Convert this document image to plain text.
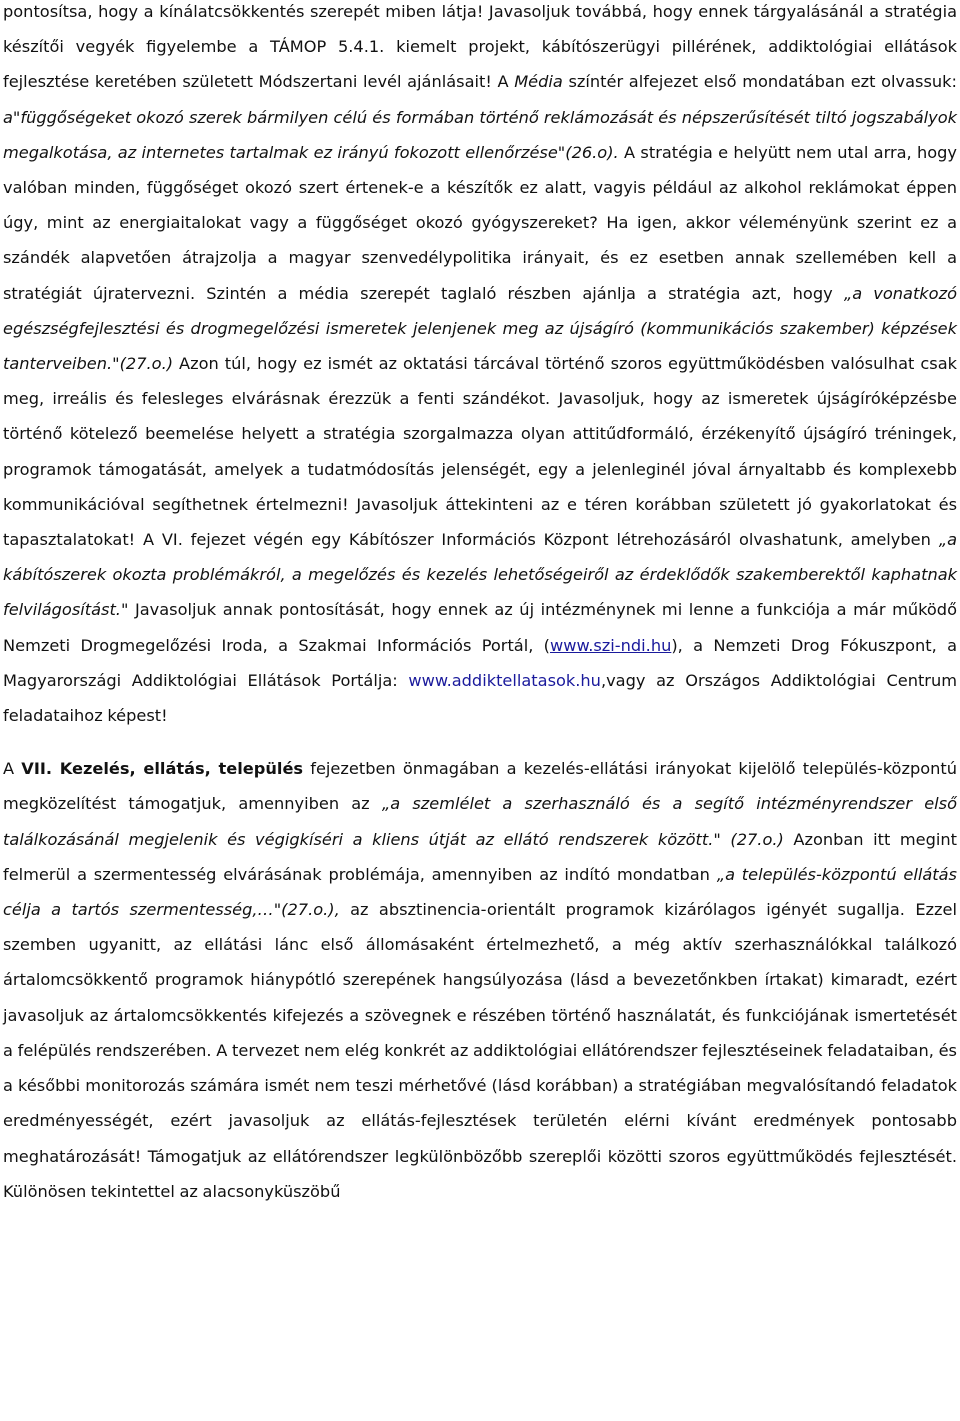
pontosítsa, hogy a kínálatcsökkentés szerepét miben látja! Javasoljuk továbbá, hogy ennek tárgyalásánál a stratégia készítői vegyék figyelembe a TÁMOP 5.4.1. kiemelt projekt, kábítószerügyi pillérének, addiktológiai ellátások fejlesztése keretében született Módszertani levél ajánlásait! A Média színtér alfejezet első mondatában ezt olvassuk: a"függőségeket okozó szerek bármilyen célú és formában történő reklámozását és népszerűsítését tiltó jogszabályok megalkotása, az internetes tartalmak ez irányú fokozott ellenőrzése"(26.o). A stratégia e helyütt nem utal arra, hogy valóban minden, függőséget okozó szert értenek-e a készítők ez alatt, vagyis például az alkohol reklámokat éppen úgy, mint az energiaitalokat vagy a függőséget okozó gyógyszereket? Ha igen, akkor véleményünk szerint ez a szándék alapvetően átrajzolja a magyar szenvedélypolitika irányait, és ez esetben annak szellemében kell a stratégiát újratervezni. Szintén a média szerepét taglaló részben ajánlja a stratégia azt, hogy „a vonatkozó egészségfejlesztési és drogmegelőzési ismeretek jelenjenek meg az újságíró (kommunikációs szakember) képzések tanterveiben."(27.o.) Azon túl, hogy ez ismét az oktatási tárcával történő szoros együttműködésben valósulhat csak meg, irreális és felesleges elvárásnak érezzük a fenti szándékot. Javasoljuk, hogy az ismeretek újságíróképzésbe történő kötelező beemelése helyett a stratégia szorgalmazza olyan attitűdformáló, érzékenyítő újságíró tréningek, programok támogatását, amelyek a tudatmódosítás jelenségét, egy a jelenleginél jóval árnyaltabb és komplexebb kommunikációval segíthetnek értelmezni! Javasoljuk áttekinteni az e téren korábban született jó gyakorlatokat és tapasztalatokat! A VI. fejezet végén egy Kábítószer Információs Központ létrehozásáról olvashatunk, amelyben „a kábítószerek okozta problémákról, a megelőzés és kezelés lehetőségeiről az érdeklődők szakemberektől kaphatnak felvilágosítást." Javasoljuk annak pontosítását, hogy ennek az új intézménynek mi lenne a funkciója a már működő Nemzeti Drogmegelőzési Iroda, a Szakmai Információs Portál, (www.szi-ndi.hu), a Nemzeti Drog Fókuszpont, a Magyarországi Addiktológiai Ellátások Portálja: www.addiktellatasok.hu,vagy az Országos Addiktológiai Centrum feladataihoz képest!

A VII. Kezelés, ellátás, település fejezetben önmagában a kezelés-ellátási irányokat kijelölő település-központú megközelítést támogatjuk, amennyiben az „a szemlélet a szerhasználó és a segítő intézményrendszer első találkozásánál megjelenik és végigkíséri a kliens útját az ellátó rendszerek között." (27.o.) Azonban itt megint felmerül a szermentesség elvárásának problémája, amennyiben az indító mondatban „a település-központú ellátás célja a tartós szermentesség,…"(27.o.), az absztinencia-orientált programok kizárólagos igényét sugallja. Ezzel szemben ugyanitt, az ellátási lánc első állomásaként értelmezhető, a még aktív szerhasználókkal találkozó ártalomcsökkentő programok hiánypótló szerepének hangsúlyozása (lásd a bevezetőnkben írtakat) kimaradt, ezért javasoljuk az ártalomcsökkentés kifejezés a szövegnek e részében történő használatát, és funkciójának ismertetését a felépülés rendszerében. A tervezet nem elég konkrét az addiktológiai ellátórendszer fejlesztéseinek feladataiban, és a későbbi monitorozás számára ismét nem teszi mérhetővé (lásd korábban) a stratégiában megvalósítandó feladatok eredményességét, ezért javasoljuk az ellátás-fejlesztések területén elérni kívánt eredmények pontosabb meghatározását! Támogatjuk az ellátórendszer legkülönbözőbb szereplői közötti szoros együttműködés fejlesztését. Különösen tekintettel az alacsonyküszöbű
